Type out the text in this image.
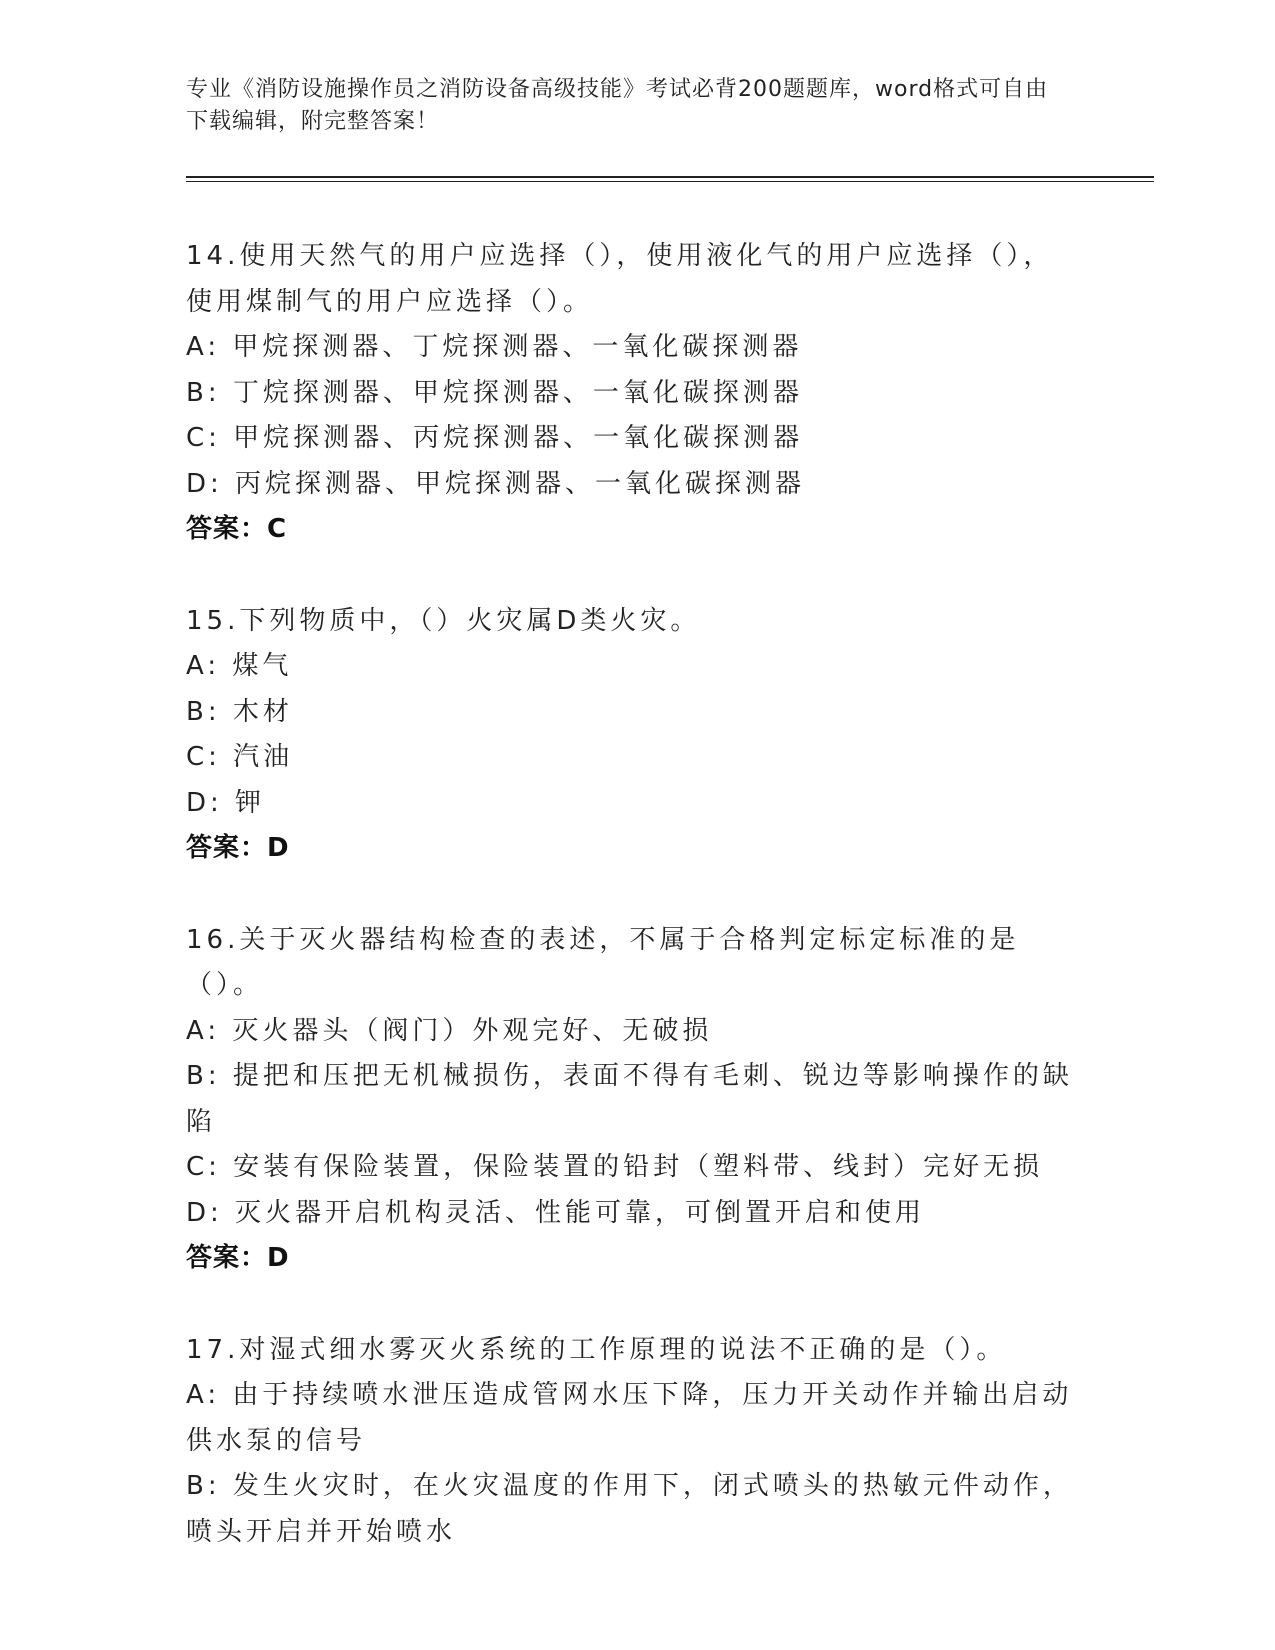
专业《消防设施操作员之消防设备高级技能》考试必背200题题库，word格式可自由下载编辑，附完整答案！
14.使用天然气的用户应选择（），使用液化气的用户应选择（），使用煤制气的用户应选择（）。
A: 甲烷探测器、丁烷探测器、一氧化碳探测器
B: 丁烷探测器、甲烷探测器、一氧化碳探测器
C: 甲烷探测器、丙烷探测器、一氧化碳探测器
D: 丙烷探测器、甲烷探测器、一氧化碳探测器
答案：C
15.下列物质中，（）火灾属D类火灾。
A: 煤气
B: 木材
C: 汽油
D: 钾
答案：D
16.关于灭火器结构检查的表述，不属于合格判定标定标准的是（）。
A: 灭火器头（阀门）外观完好、无破损
B: 提把和压把无机械损伤，表面不得有毛刺、锐边等影响操作的缺陷
C: 安装有保险装置，保险装置的铅封（塑料带、线封）完好无损
D: 灭火器开启机构灵活、性能可靠，可倒置开启和使用
答案：D
17.对湿式细水雾灭火系统的工作原理的说法不正确的是（）。
A: 由于持续喷水泄压造成管网水压下降，压力开关动作并输出启动供水泵的信号
B: 发生火灾时，在火灾温度的作用下，闭式喷头的热敏元件动作，喷头开启并开始喷水
